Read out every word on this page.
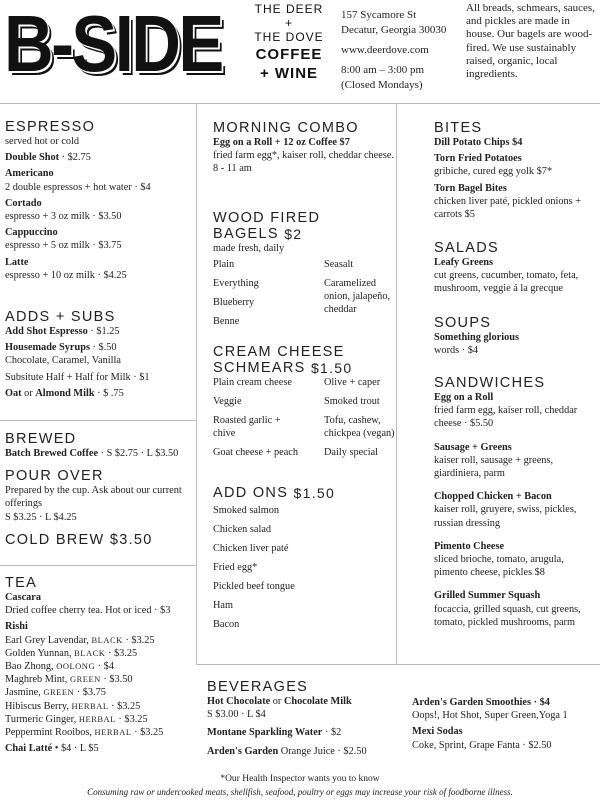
B-SIDE	THE DEER
+
THE DOVE
COFFEE
+ WINE
157 Sycamore St
Decatur, Georgia 30030
www.deerdove.com
8:00 am – 3:00 pm
(Closed Mondays)
All breads, schmears, sauces, and pickles are made in house. Our bagels are wood-fired. We use sustainably raised, organic, local ingredients.
ESPRESSO
served hot or cold
Double Shot · $2.75
Americano
2 double espressos + hot water · $4
Cortado
espresso + 3 oz milk · $3.50
Cappuccino
espresso + 5 oz milk · $3.75
Latte
espresso + 10 oz milk · $4.25
ADDS + SUBS
Add Shot Espresso · $1.25
Housemade Syrups · $.50
Chocolate, Caramel, Vanilla
Subsitute Half + Half for Milk · $1
Oat or Almond Milk · $ .75
BREWED
Batch Brewed Coffee · S $2.75 · L $3.50
POUR OVER
Prepared by the cup. Ask about our current offerings
S $3.25 · L $4.25
COLD BREW $3.50
TEA
Cascara
Dried coffee cherry tea. Hot or iced · $3
Rishi
Earl Grey Lavendar, BLACK · $3.25
Golden Yunnan, BLACK · $3.25
Bao Zhong, OOLONG · $4
Maghreb Mint, GREEN · $3.50
Jasmine, GREEN · $3.75
Hibiscus Berry, HERBAL · $3.25
Turmeric Ginger, HERBAL · $3.25
Peppermint Rooibos, HERBAL · $3.25
Chai Latté • $4 · L $5
MORNING COMBO
Egg on a Roll + 12 oz Coffee $7
fried farm egg*, kaiser roll, cheddar cheese. 8 - 11 am
WOOD FIRED
BAGELS $^{\$2}$
made fresh, daily
Plain
Everything
Blueberry
Benne
Seasalt
Caramelized onion, jalapeño, cheddar
CREAM CHEESE
SCHMEARS $^{\$1.50}$
Plain cream cheese
Veggie
Roasted garlic + chive
Goat cheese + peach
Olive + caper
Smoked trout
Tofu, cashew, chickpea (vegan)
Daily special
ADD ONS $^{\$1.50}$
Smoked salmon
Chicken salad
Chicken liver paté
Fried egg*
Pickled beef tongue
Ham
Bacon
BITES
Dill Potato Chips $4
Torn Fried Potatoes
gribiche, cured egg yolk $7*
Torn Bagel Bites
chicken liver paté, pickled onions + carrots $5
SALADS
Leafy Greens
cut greens, cucumber, tomato, feta, mushroom, veggie á la grecque
SOUPS
Something glorious
words · $4
SANDWICHES
Egg on a Roll
fried farm egg, kaiser roll, cheddar cheese · $5.50
Sausage + Greens
kaiser roll, sausage + greens, giardiniera, parm
Chopped Chicken + Bacon
kaiser roll, gruyere, swiss, pickles, russian dressing
Pimento Cheese
sliced brioche, tomato, arugula, pimento cheese, pickles $8
Grilled Summer Squash
focaccia, grilled squash, cut greens, tomato, pickled mushrooms, parm
BEVERAGES
Hot Chocolate or Chocolate Milk
S $3.00 · L $4
Montane Sparkling Water · $2
Arden's Garden Orange Juice · $2.50
Arden's Garden Smoothies · $4
Oops!, Hot Shot, Super Green,Yoga 1
Mexi Sodas
Coke, Sprint, Grape Fanta · $2.50
*Our Health Inspector wants you to know
Consuming raw or undercooked meats, shellfish, seafood, poultry or eggs may increase your risk of foodborne illness.
